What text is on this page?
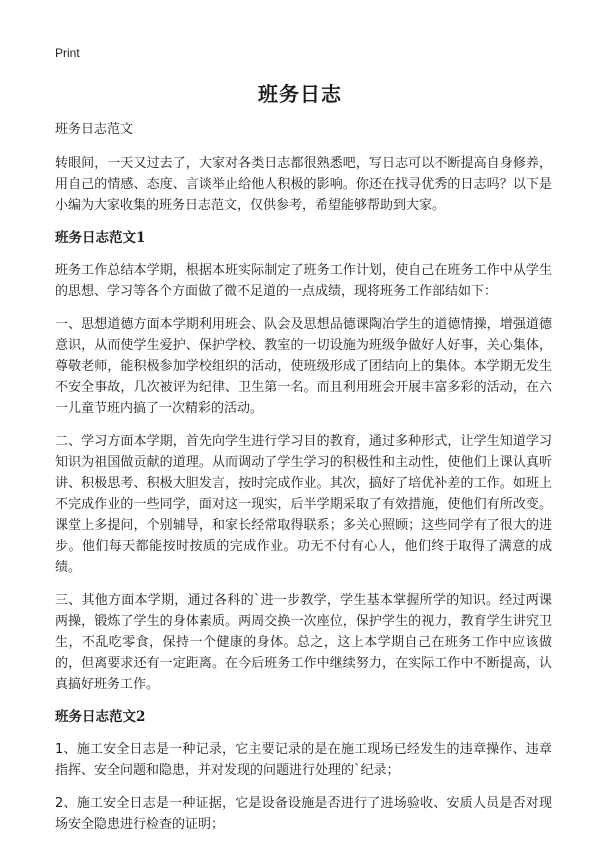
Print
班务日志
班务日志范文

转眼间，一天又过去了，大家对各类日志都很熟悉吧，写日志可以不断提高自身修养，用自己的情感、态度、言谈举止给他人积极的影响。你还在找寻优秀的日志吗？以下是小编为大家收集的班务日志范文，仅供参考，希望能够帮助到大家。

班务日志范文1

班务工作总结本学期，根据本班实际制定了班务工作计划，使自己在班务工作中从学生的思想、学习等各个方面做了微不足道的一点成绩，现将班务工作部结如下：

一、思想道德方面本学期利用班会、队会及思想品德课陶冶学生的道德情操，增强道德意识，从而使学生爱护、保护学校、教室的一切设施为班级争做好人好事，关心集体，尊敬老师，能积极参加学校组织的活动，使班级形成了团结向上的集体。本学期无发生不安全事故，几次被评为纪律、卫生第一名。而且利用班会开展丰富多彩的活动，在六一儿童节班内搞了一次精彩的活动。

二、学习方面本学期，首先向学生进行学习目的教育，通过多种形式，让学生知道学习知识为祖国做贡献的道理。从而调动了学生学习的积极性和主动性，使他们上课认真听讲、积极思考、积极大胆发言，按时完成作业。其次，搞好了培优补差的工作。如班上不完成作业的一些同学，面对这一现实，后半学期采取了有效措施，使他们有所改变。课堂上多提问，个别辅导，和家长经常取得联系；多关心照顾；这些同学有了很大的进步。他们每天都能按时按质的完成作业。功无不付有心人，他们终于取得了满意的成绩。

三、其他方面本学期，通过各科的`进一步教学，学生基本掌握所学的知识。经过两课两操，锻炼了学生的身体素质。两周交换一次座位，保护学生的视力，教育学生讲究卫生，不乱吃零食，保持一个健康的身体。总之，这上本学期自己在班务工作中应该做的，但离要求还有一定距离。在今后班务工作中继续努力，在实际工作中不断提高，认真搞好班务工作。

班务日志范文2

1、施工安全日志是一种记录，它主要记录的是在施工现场已经发生的违章操作、违章指挥、安全问题和隐患，并对发现的问题进行处理的`纪录；

2、施工安全日志是一种证据，它是设备设施是否进行了进场验收、安质人员是否对现场安全隐患进行检查的证明；
